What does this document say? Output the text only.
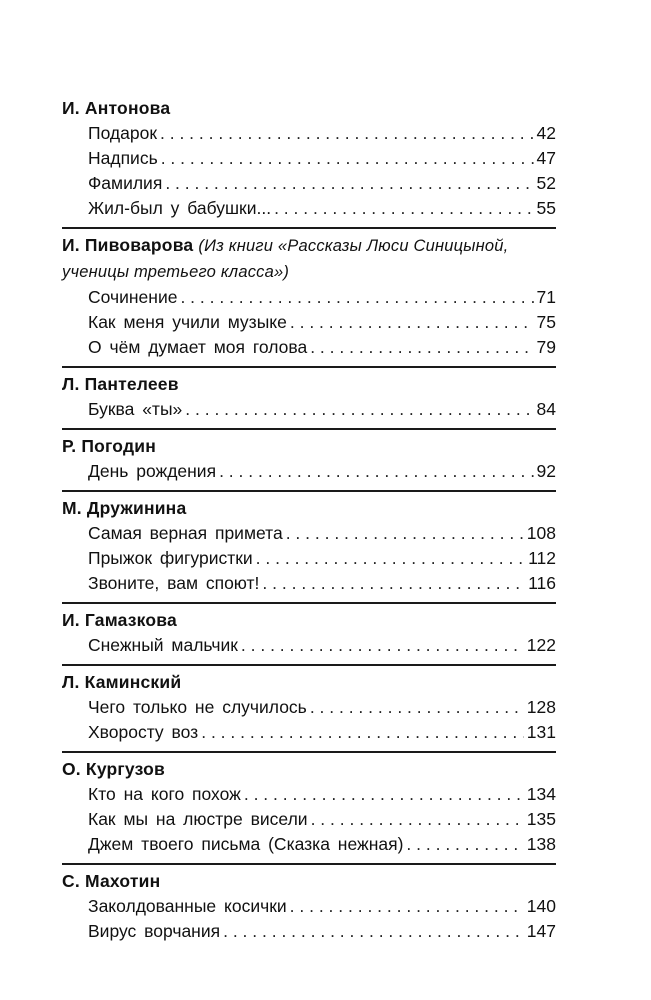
И. Антонова
Подарок . . .	42
Надпись . . .	47
Фамилия . . .	52
Жил-был у бабушки... . . .	55
И. Пивоварова (Из книги «Рассказы Люси Синицыной, ученицы третьего класса»)
Сочинение . . .	71
Как меня учили музыке . . .	75
О чём думает моя голова . . .	79
Л. Пантелеев
Буква «ты» . . .	84
Р. Погодин
День рождения . . .	92
М. Дружинина
Самая верная примета . . .	108
Прыжок фигуристки . . .	112
Звоните, вам споют! . . .	116
И. Гамазкова
Снежный мальчик . . .	122
Л. Каминский
Чего только не случилось . . .	128
Хворосту воз . . .	131
О. Кургузов
Кто на кого похож . . .	134
Как мы на люстре висели . . .	135
Джем твоего письма (Сказка нежная) . . .	138
С. Махотин
Заколдованные косички . . .	140
Вирус ворчания . . .	147
